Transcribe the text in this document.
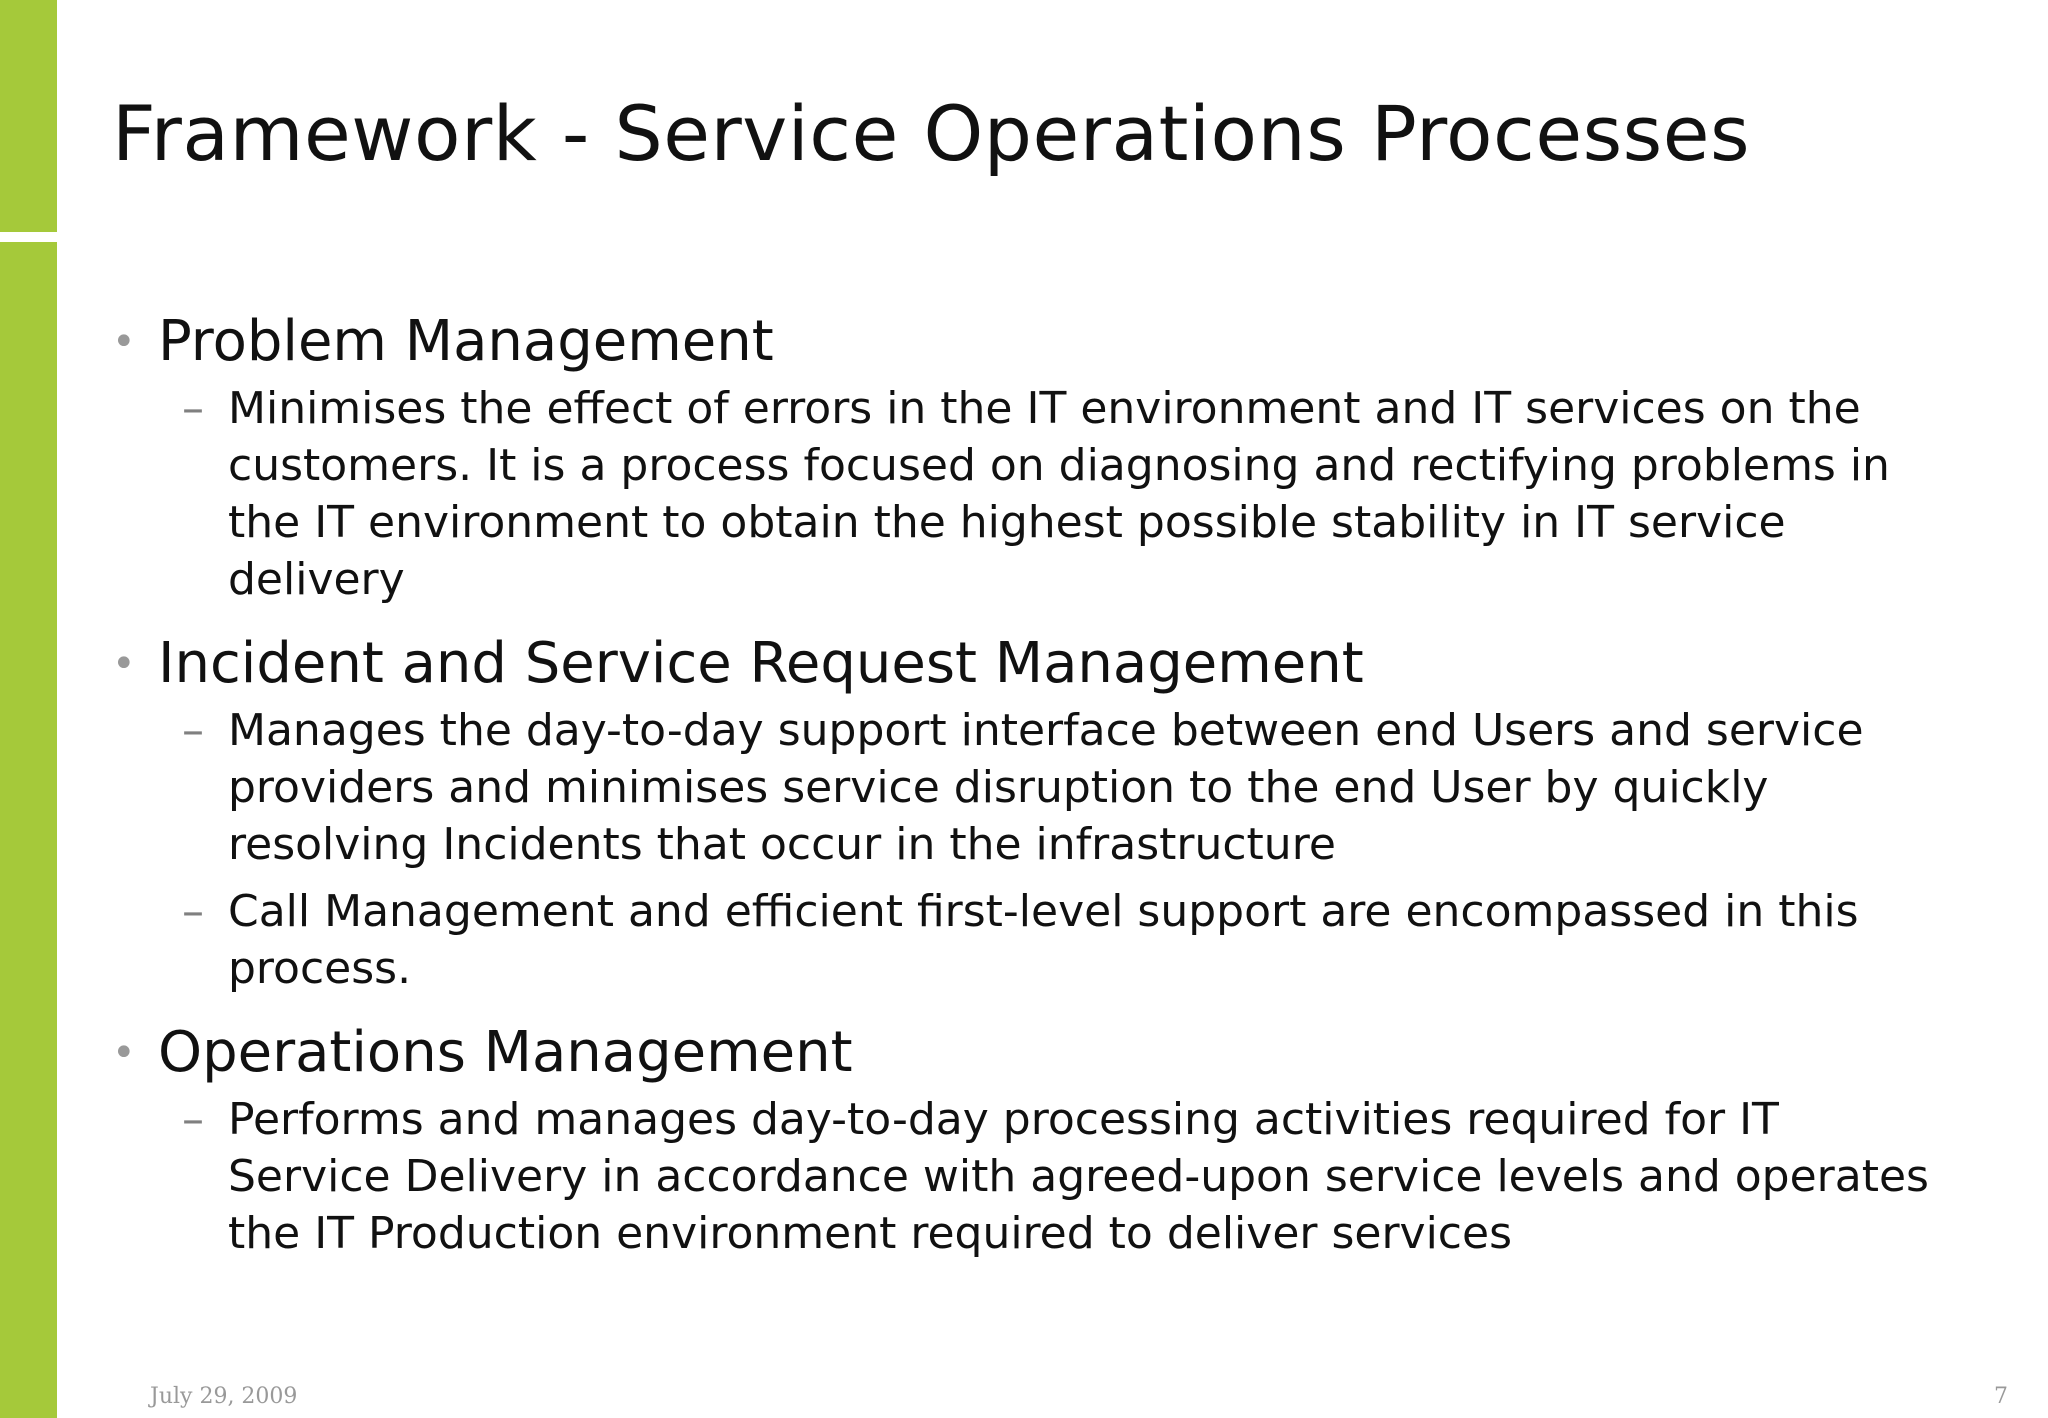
Framework - Service Operations Processes
• Problem Management
– Minimises the effect of errors in the IT environment and IT services on the customers. It is a process focused on diagnosing and rectifying problems in the IT environment to obtain the highest possible stability in IT service delivery
• Incident and Service Request Management
– Manages the day-to-day support interface between end Users and service providers and minimises service disruption to the end User by quickly resolving Incidents that occur in the infrastructure
– Call Management and efficient first-level support are encompassed in this process.
• Operations Management
– Performs and manages day-to-day processing activities required for IT Service Delivery in accordance with agreed-upon service levels and operates the IT Production environment required to deliver services
July 29, 2009	7
